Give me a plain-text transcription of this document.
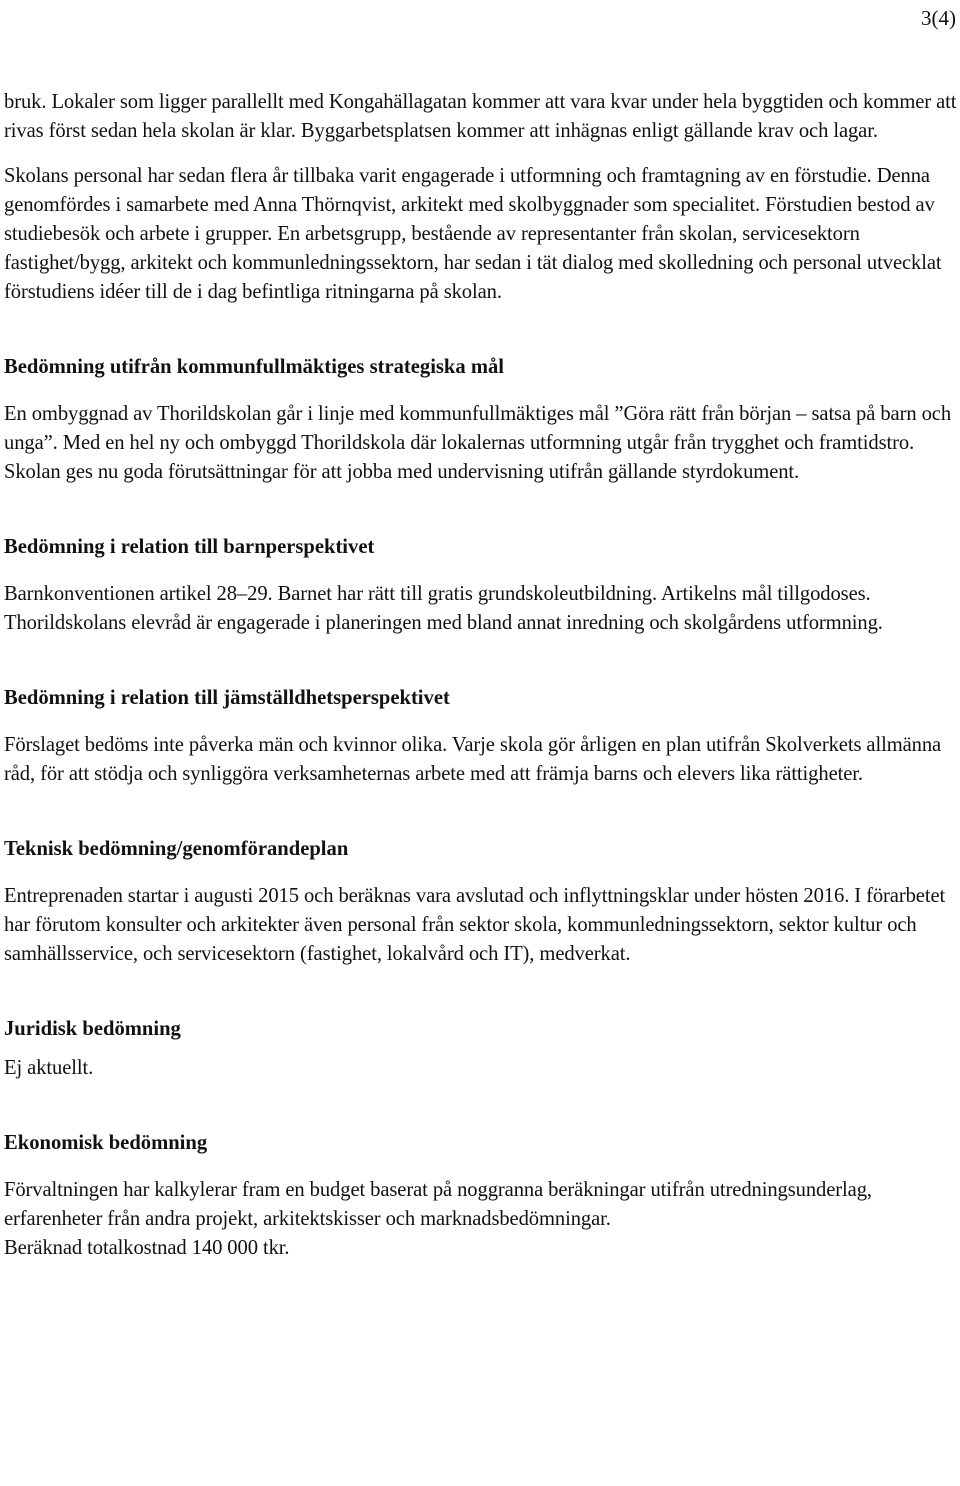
3(4)

bruk. Lokaler som ligger parallellt med Kongahällagatan kommer att vara kvar under hela byggtiden och kommer att rivas först sedan hela skolan är klar. Byggarbetsplatsen kommer att inhägnas enligt gällande krav och lagar.

Skolans personal har sedan flera år tillbaka varit engagerade i utformning och framtagning av en förstudie. Denna genomfördes i samarbete med Anna Thörnqvist, arkitekt med skolbyggnader som specialitet. Förstudien bestod av studiebesök och arbete i grupper. En arbetsgrupp, bestående av representanter från skolan, servicesektorn fastighet/bygg, arkitekt och kommunledningssektorn, har sedan i tät dialog med skolledning och personal utvecklat förstudiens idéer till de i dag befintliga ritningarna på skolan.

Bedömning utifrån kommunfullmäktiges strategiska mål

En ombyggnad av Thorildskolan går i linje med kommunfullmäktiges mål ”Göra rätt från början – satsa på barn och unga”. Med en hel ny och ombyggd Thorildskola där lokalernas utformning utgår från trygghet och framtidstro. Skolan ges nu goda förutsättningar för att jobba med undervisning utifrån gällande styrdokument.

Bedömning i relation till barnperspektivet

Barnkonventionen artikel 28–29. Barnet har rätt till gratis grundskoleutbildning. Artikelns mål tillgodoses. Thorildskolans elevråd är engagerade i planeringen med bland annat inredning och skolgårdens utformning.

Bedömning i relation till jämställdhetsperspektivet

Förslaget bedöms inte påverka män och kvinnor olika. Varje skola gör årligen en plan utifrån Skolverkets allmänna råd, för att stödja och synliggöra verksamheternas arbete med att främja barns och elevers lika rättigheter.

Teknisk bedömning/genomförandeplan

Entreprenaden startar i augusti 2015 och beräknas vara avslutad och inflyttningsklar under hösten 2016. I förarbetet har förutom konsulter och arkitekter även personal från sektor skola, kommunledningssektorn, sektor kultur och samhällsservice, och servicesektorn (fastighet, lokalvård och IT), medverkat.

Juridisk bedömning

Ej aktuellt.

Ekonomisk bedömning

Förvaltningen har kalkylerar fram en budget baserat på noggranna beräkningar utifrån utredningsunderlag, erfarenheter från andra projekt, arkitektskisser och marknadsbedömningar.

Beräknad totalkostnad 140 000 tkr.
